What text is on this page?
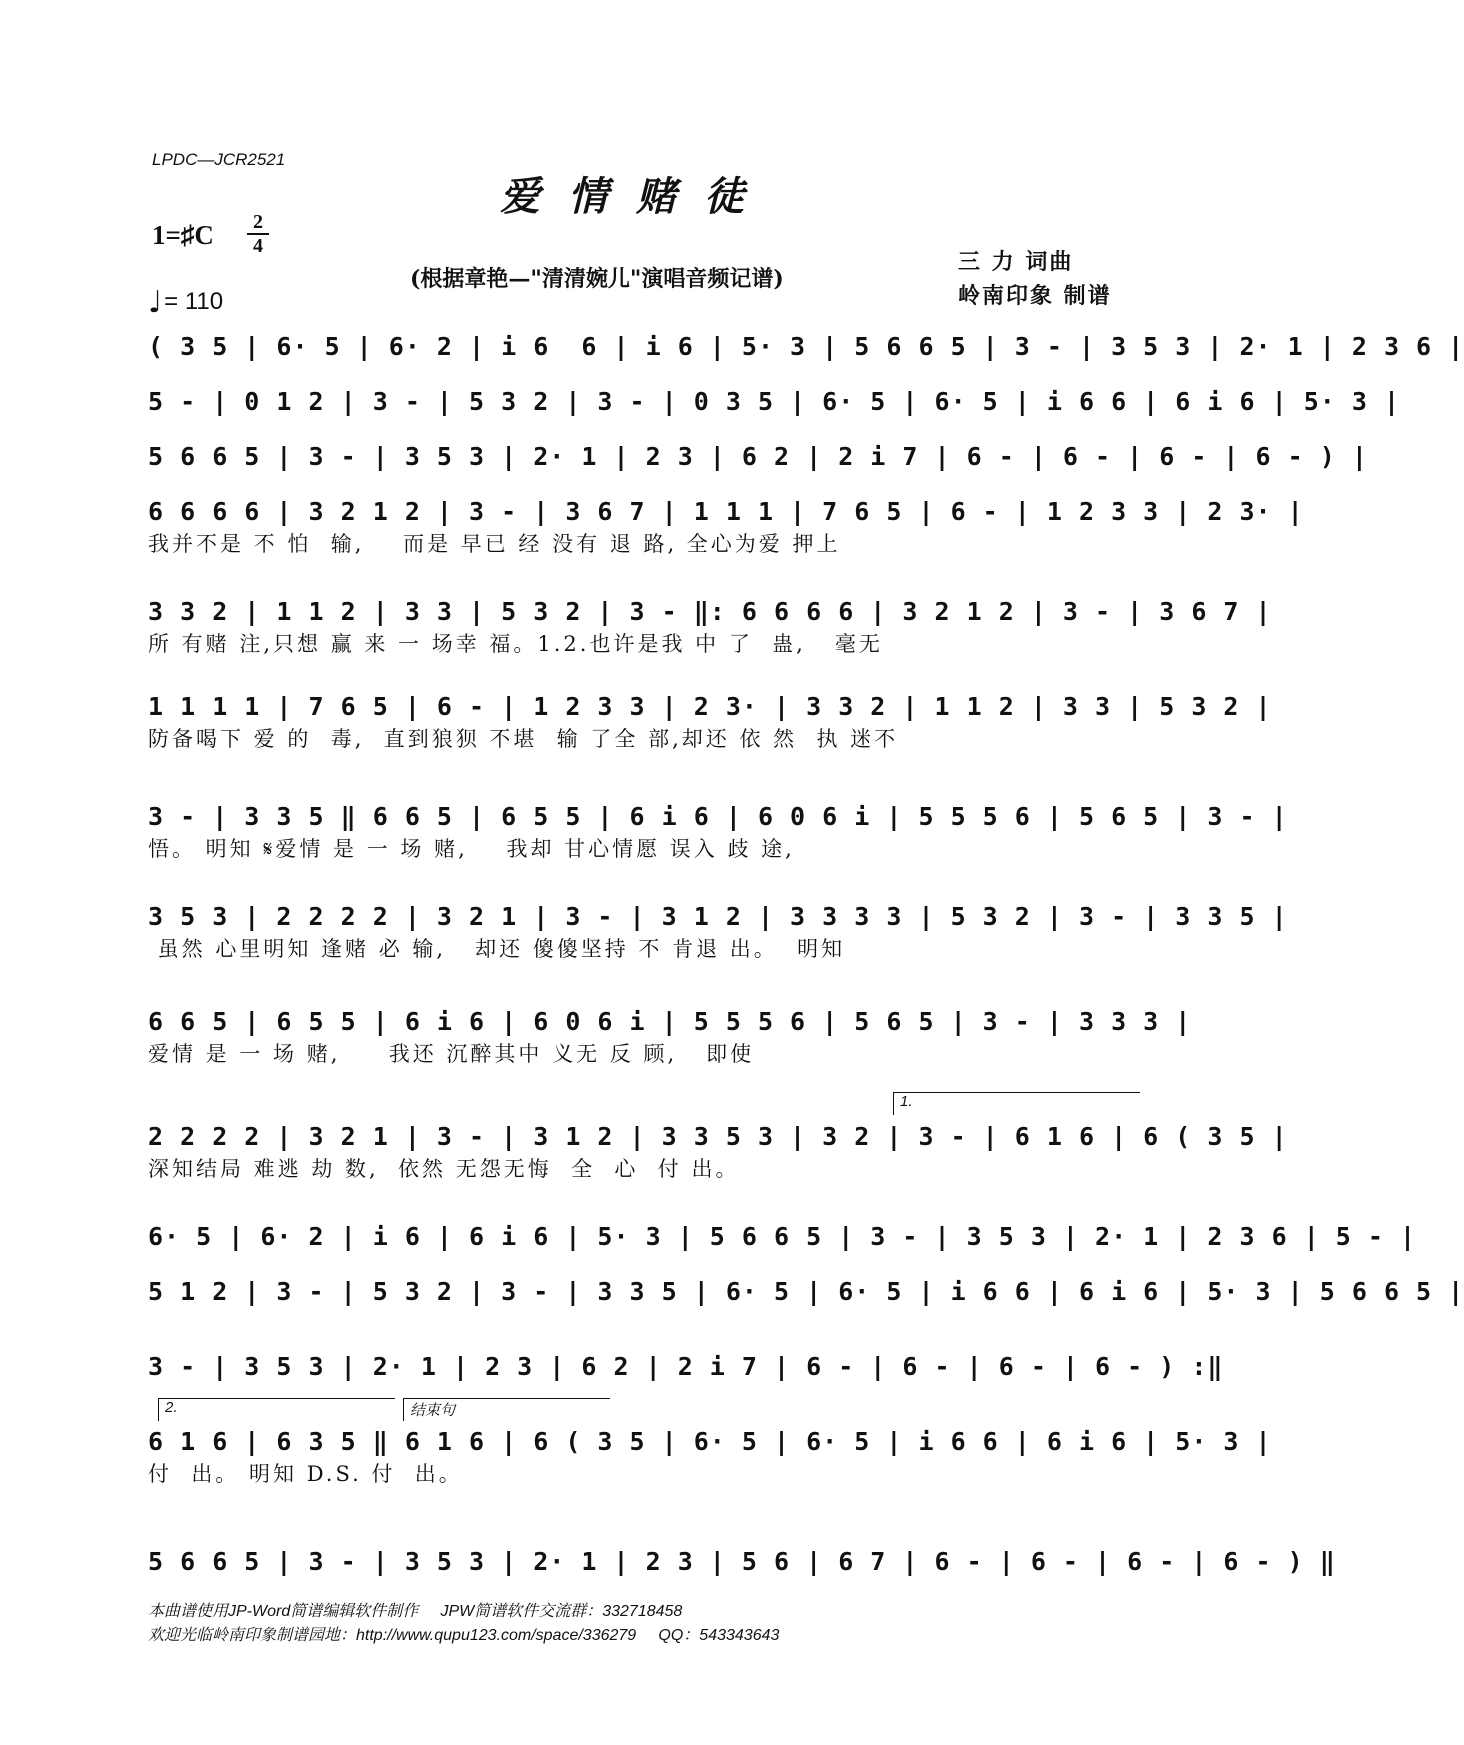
LPDC—JCR2521
爱情赌徒
1=♯C	2
4
♩= 110
(根据章艳—"清清婉儿"演唱音频记谱)
三 力 词曲
岭南印象 制谱
( 3 5 | 6· 5 | 6· 2 | i 6  6 | i 6 | 5· 3 | 5 6 6 5 | 3 - | 3 5 3 | 2· 1 | 2 3 6 |
5 - | 0 1 2 | 3 - | 5 3 2 | 3 - | 0 3 5 | 6· 5 | 6· 5 | i 6 6 | 6 i 6 | 5· 3 |
5 6 6 5 | 3 - | 3 5 3 | 2· 1 | 2 3 | 6 2 | 2 i 7 | 6 - | 6 - | 6 - | 6 - ) |
6 6 6 6 | 3 2 1 2 | 3 - | 3 6 7 | 1 1 1 | 7 6 5 | 6 - | 1 2 3 3 | 2 3· |
我并不是 不 怕  输,    而是 早已 经 没有 退 路, 全心为爱 押上
3 3 2 | 1 1 2 | 3 3 | 5 3 2 | 3 - ‖: 6 6 6 6 | 3 2 1 2 | 3 - | 3 6 7 |
所 有赌 注,只想 赢 来 一 场幸 福。1.2.也许是我 中 了  蛊,   毫无
1 1 1 1 | 7 6 5 | 6 - | 1 2 3 3 | 2 3· | 3 3 2 | 1 1 2 | 3 3 | 5 3 2 |
防备喝下 爱 的  毒,  直到狼狈 不堪  输 了全 部,却还 依 然  执 迷不
3 - | 3 3 5 ‖ 6 6 5 | 6 5 5 | 6 i 6 | 6 0 6 i | 5 5 5 6 | 5 6 5 | 3 - |
悟。 明知 𝄋爱情 是 一 场 赌,    我却 甘心情愿 误入 歧 途,
3 5 3 | 2 2 2 2 | 3 2 1 | 3 - | 3 1 2 | 3 3 3 3 | 5 3 2 | 3 - | 3 3 5 |
虽然 心里明知 逢赌 必 输,   却还 傻傻坚持 不 肯退 出。  明知
6 6 5 | 6 5 5 | 6 i 6 | 6 0 6 i | 5 5 5 6 | 5 6 5 | 3 - | 3 3 3 |
爱情 是 一 场 赌,     我还 沉醉其中 义无 反 顾,   即使
1.
2 2 2 2 | 3 2 1 | 3 - | 3 1 2 | 3 3 5 3 | 3 2 | 3 - | 6 1 6 | 6 ( 3 5 |
深知结局 难逃 劫 数,  依然 无怨无悔  全  心  付 出。
6· 5 | 6· 2 | i 6 | 6 i 6 | 5· 3 | 5 6 6 5 | 3 - | 3 5 3 | 2· 1 | 2 3 6 | 5 - |
5 1 2 | 3 - | 5 3 2 | 3 - | 3 3 5 | 6· 5 | 6· 5 | i 6 6 | 6 i 6 | 5· 3 | 5 6 6 5 |
3 - | 3 5 3 | 2· 1 | 2 3 | 6 2 | 2 i 7 | 6 - | 6 - | 6 - | 6 - ) :‖
2.	结束句
6 1 6 | 6 3 5 ‖ 6 1 6 | 6 ( 3 5 | 6· 5 | 6· 5 | i 6 6 | 6 i 6 | 5· 3 |
付  出。 明知 D.S. 付  出。
5 6 6 5 | 3 - | 3 5 3 | 2· 1 | 2 3 | 5 6 | 6 7 | 6 - | 6 - | 6 - | 6 - ) ‖
本曲谱使用JP-Word简谱编辑软件制作     JPW简谱软件交流群：332718458
欢迎光临岭南印象制谱园地：http://www.qupu123.com/space/336279     QQ：543343643
